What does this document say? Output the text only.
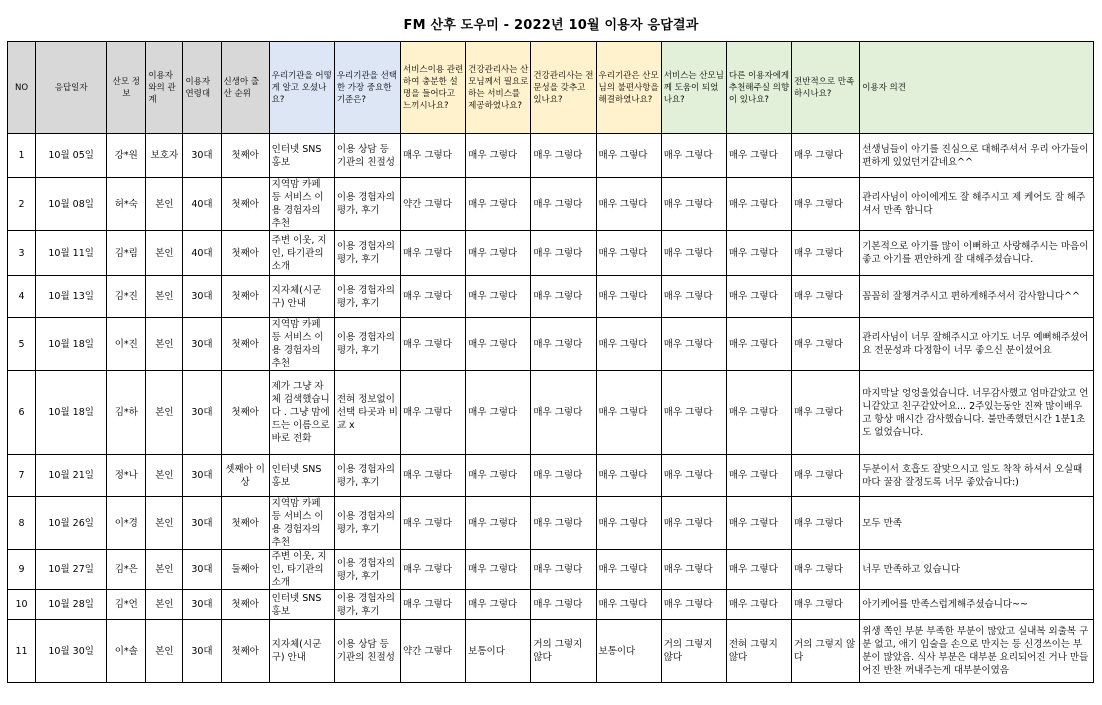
FM 산후 도우미 - 2022년 10월 이용자 응답결과
NO	응답일자	산모 정보	이용자와의 관계	이용자 연령대	신생아 출산 순위	우리기관을 어떻게 알고 오셨나요?	우리기관을 선택한 가장 중요한 기준은?	서비스이용 관련하여 충분한 설명을 들어다고 느끼시나요?	건강관리사는 산모님께서 필요로 하는 서비스를 제공하였나요?	건강관리사는 전문성을 갖추고 있나요?	우리기관은 산모님의 불편사항을 해결하였나요?	서비스는 산모님께 도움이 되었나요?	다른 이용자에게 추천해주실 의향이 있나요?	전반적으로 만족하시나요?	이용자 의견
1	10월 05일	강*원	보호자	30대	첫째아	인터넷 SNS 홍보	이용 상담 등 기관의 친절성	매우 그렇다	매우 그렇다	매우 그렇다	매우 그렇다	매우 그렇다	매우 그렇다	매우 그렇다	선생님들이 아기를 진심으로 대해주셔서 우리 아가들이 편하게 있었던거같네요^^
2	10월 08일	허*숙	본인	40대	첫째아	지역맘 카페 등 서비스 이용 경험자의 추천	이용 경험자의 평가, 후기	약간 그렇다	매우 그렇다	매우 그렇다	매우 그렇다	매우 그렇다	매우 그렇다	매우 그렇다	관리사님이 아이에게도 잘 해주시고 제 케어도 잘 해주셔서 만족 합니다
3	10월 11일	김*림	본인	40대	첫째아	주변 이웃, 지인, 타기관의 소개	이용 경험자의 평가, 후기	매우 그렇다	매우 그렇다	매우 그렇다	매우 그렇다	매우 그렇다	매우 그렇다	매우 그렇다	기본적으로 아기를 많이 이뻐하고 사랑해주시는 마음이 좋고 아기를 편안하게 잘 대해주셨습니다.
4	10월 13일	김*진	본인	30대	첫째아	지자체(시군구) 안내	이용 경험자의 평가, 후기	매우 그렇다	매우 그렇다	매우 그렇다	매우 그렇다	매우 그렇다	매우 그렇다	매우 그렇다	꼼꼼히 잘챙겨주시고 편하게해주셔서 감사합니다^^
5	10월 18일	이*진	본인	30대	첫째아	지역맘 카페 등 서비스 이용 경험자의 추천	이용 경험자의 평가, 후기	매우 그렇다	매우 그렇다	매우 그렇다	매우 그렇다	매우 그렇다	매우 그렇다	매우 그렇다	관리사님이 너무 잘해주시고 아기도 너무 예뻐해주셨어요 전문성과 다정함이 너무 좋으신 분이셨어요
6	10월 18일	김*하	본인	30대	첫째아	제가 그냥 자체 검색했습니다 . 그냥 맘에드는 이름으로 바로 전화	전혀 정보없이 선택 타곳과 비교 x	매우 그렇다	매우 그렇다	매우 그렇다	매우 그렇다	매우 그렇다	매우 그렇다	매우 그렇다	마지막날 엉엉울었습니다. 너무감사했고 엄마같았고 언니같았고 친구같았어요... 2주있는동안 진짜 많이배우고 항상 매시간 감사했습니다. 불만족했던시간 1분1초도 없었습니다.
7	10월 21일	정*나	본인	30대	셋째아 이상	인터넷 SNS 홍보	이용 경험자의 평가, 후기	매우 그렇다	매우 그렇다	매우 그렇다	매우 그렇다	매우 그렇다	매우 그렇다	매우 그렇다	두분이서 호흡도 잘맞으시고 일도 착착 하셔서 오실때마다 꿀잠 잘정도록 너무 좋았습니다:)
8	10월 26일	이*경	본인	30대	첫째아	지역맘 카페 등 서비스 이용 경험자의 추천	이용 경험자의 평가, 후기	매우 그렇다	매우 그렇다	매우 그렇다	매우 그렇다	매우 그렇다	매우 그렇다	매우 그렇다	모두 만족
9	10월 27일	김*은	본인	30대	둘째아	주변 이웃, 지인, 타기관의 소개	이용 경험자의 평가, 후기	매우 그렇다	매우 그렇다	매우 그렇다	매우 그렇다	매우 그렇다	매우 그렇다	매우 그렇다	너무 만족하고 있습니다
10	10월 28일	김*언	본인	30대	첫째아	인터넷 SNS 홍보	이용 경험자의 평가, 후기	매우 그렇다	매우 그렇다	매우 그렇다	매우 그렇다	매우 그렇다	매우 그렇다	매우 그렇다	아기케어를 만족스럽게해주셨습니다~~
11	10월 30일	이*솔	본인	30대	첫째아	지자체(시군구) 안내	이용 상담 등 기관의 친절성	약간 그렇다	보통이다	거의 그렇지 않다	보통이다	거의 그렇지 않다	전혀 그렇지 않다	거의 그렇지 않다	위생 쪽인 부분 부족한 부분이 많았고 실내복 외출복 구분 없고, 애기 입술을 손으로 만지는 등 신경쓰이는 부분이 많았음. 식사 부분은 대부분 요리되어진 거나 만들어진 반찬 꺼내주는게 대부분이였음
